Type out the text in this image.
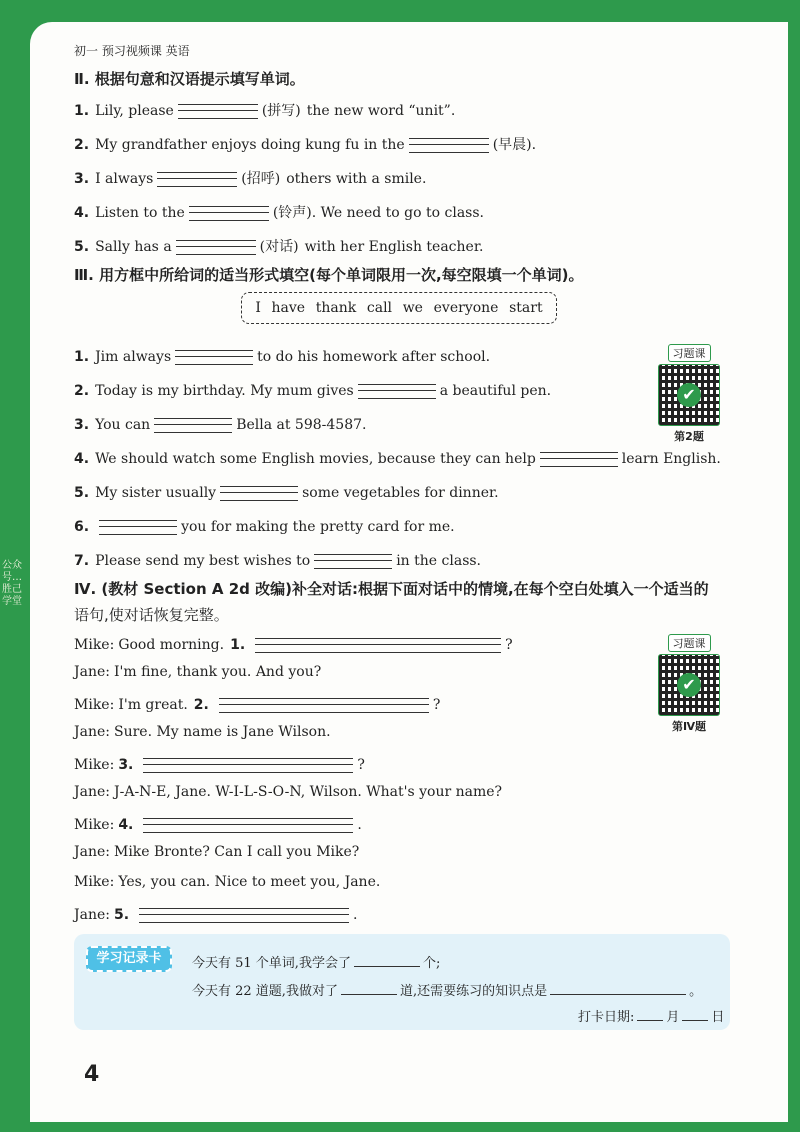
初一 预习视频课 英语
Ⅱ. 根据句意和汉语提示填写单词。
1. Lily, please	(拼写) the new word “unit”.
2. My grandfather enjoys doing kung fu in the	(早晨) .
3. I always	(招呼) others with a smile.
4. Listen to the	(铃声) . We need to go to class.
5. Sally has a	(对话) with her English teacher.
Ⅲ. 用方框中所给词的适当形式填空(每个单词限用一次,每空限填一个单词)。
I have thank call we everyone start
1. Jim always	to do his homework after school.
2. Today is my birthday. My mum gives	a beautiful pen.
3. You can	Bella at 598-4587.
4. We should watch some English movies, because they can help	learn English.
5. My sister usually	some vegetables for dinner.
6.	you for making the pretty card for me.
7. Please send my best wishes to	in the class.
习题课
✔
第2题
Ⅳ. (教材 Section A 2d 改编)补全对话:根据下面对话中的情境,在每个空白处填入一个适当的
语句,使对话恢复完整。
Mike: Good morning. 1.	?
Jane: I'm fine, thank you. And you?
Mike: I'm great. 2.	?
Jane: Sure. My name is Jane Wilson.
Mike: 3.	?
Jane: J-A-N-E, Jane. W-I-L-S-O-N, Wilson. What's your name?
Mike: 4.	.
Jane: Mike Bronte? Can I call you Mike?
Mike: Yes, you can. Nice to meet you, Jane.
Jane: 5.	.
习题课
✔
第Ⅳ题
学习记录卡	今天有 51 个单词,我学会了	个;
今天有 22 道题,我做对了	道,还需要练习的知识点是	。
打卡日期: 月 日
4
公众号…胜己学堂
